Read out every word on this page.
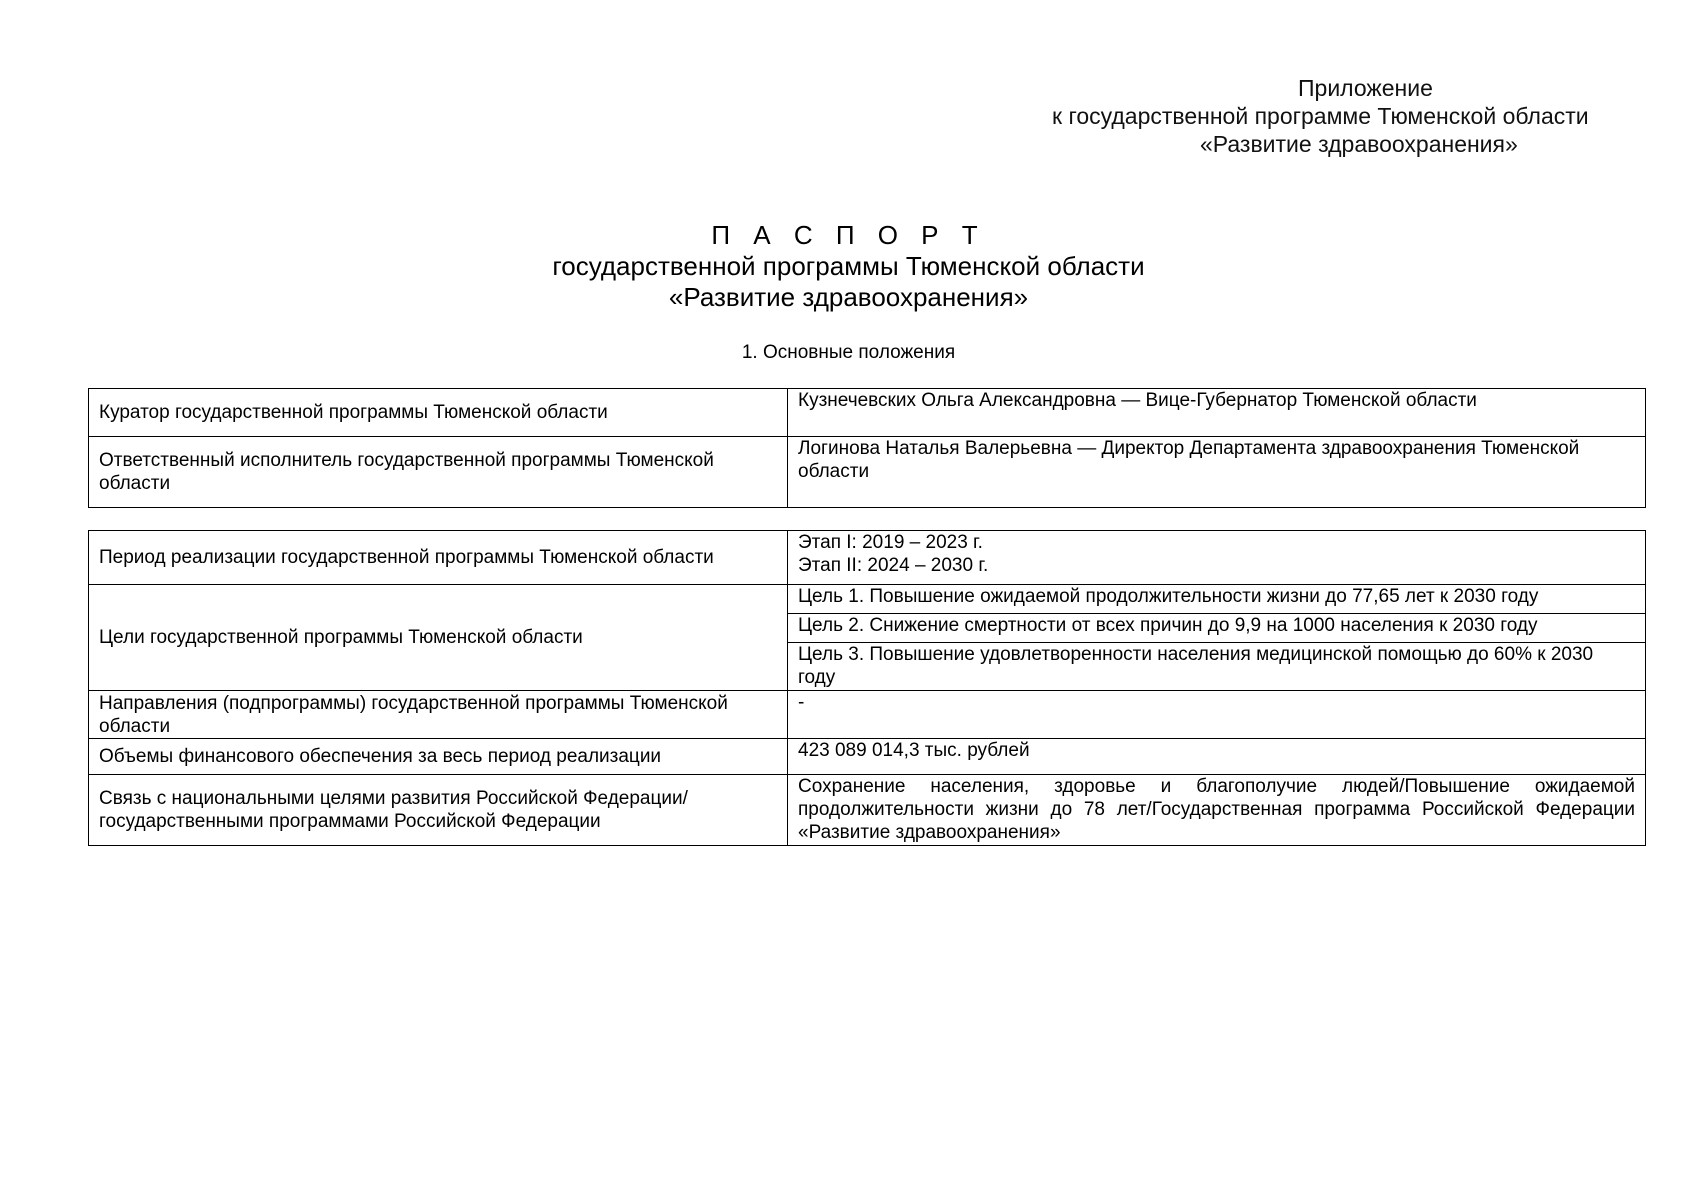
Приложение
к государственной программе Тюменской области
«Развитие здравоохранения»
П А С П О Р Т
государственной программы Тюменской области
«Развитие здравоохранения»
1. Основные положения
Куратор государственной программы Тюменской области	Кузнечевских Ольга Александровна — Вице-Губернатор Тюменской области
Ответственный исполнитель государственной программы Тюменской области	Логинова Наталья Валерьевна — Директор Департамента здравоохранения Тюменской области
Период реализации государственной программы Тюменской области	Этап I: 2019 – 2023 г.
Этап II: 2024 – 2030 г.

Цели государственной программы Тюменской области	Цель 1. Повышение ожидаемой продолжительности жизни до 77,65 лет к 2030 году
	Цель 2. Снижение смертности от всех причин до 9,9 на 1000 населения к 2030 году
	Цель 3. Повышение удовлетворенности населения медицинской помощью до 60% к 2030 году
Направления (подпрограммы) государственной программы Тюменской области	-
Объемы финансового обеспечения за весь период реализации	423 089 014,3 тыс. рублей
Связь с национальными целями развития Российской Федерации/ государственными программами Российской Федерации	Сохранение населения, здоровье и благополучие людей/Повышение ожидаемой продолжительности жизни до 78 лет/Государственная программа Российской Федерации «Развитие здравоохранения»
